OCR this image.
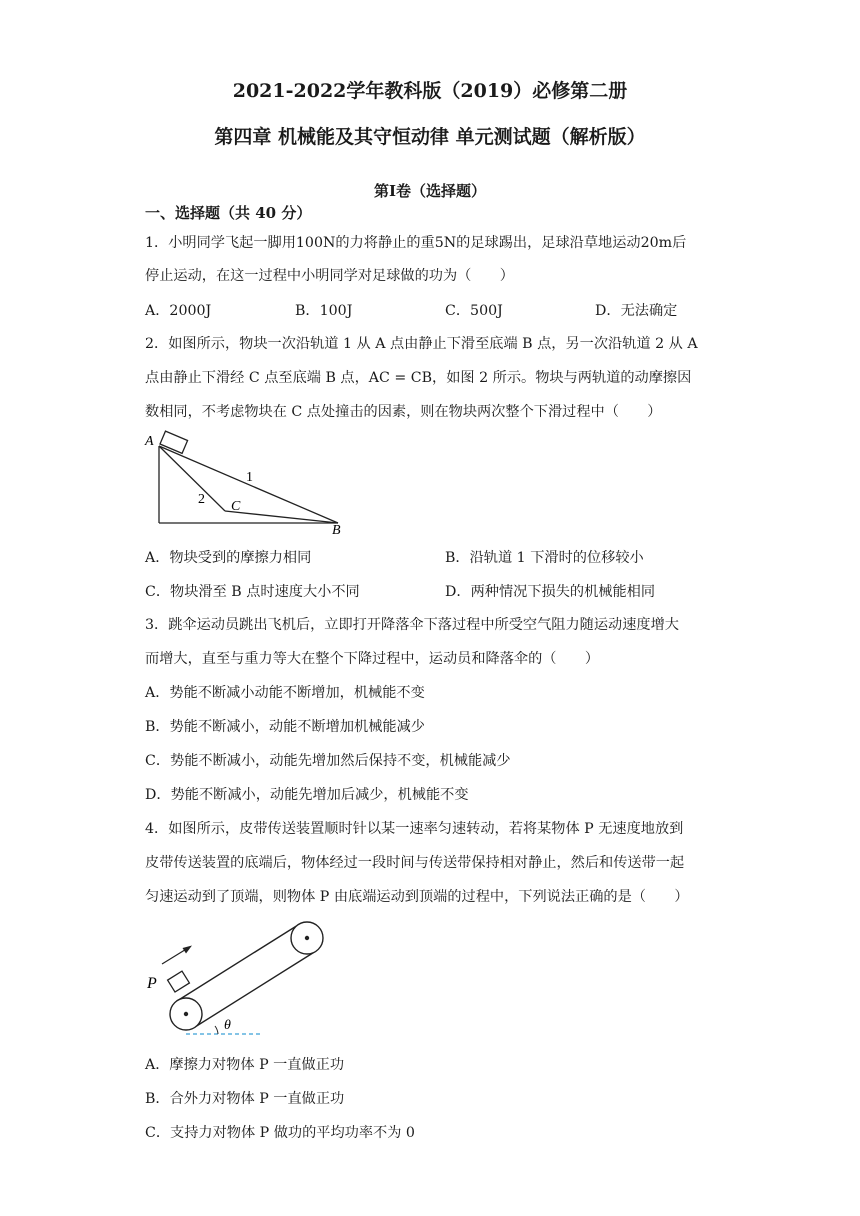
2021-2022学年教科版（2019）必修第二册
第四章 机械能及其守恒动律 单元测试题（解析版）
第Ⅰ卷（选择题）
一、选择题（共 40 分）
1．小明同学飞起一脚用100N的力将静止的重5N的足球踢出，足球沿草地运动20m后
停止运动，在这一过程中小明同学对足球做的功为（　　）
A．2000J	B．100J	C．500J	D．无法确定
2．如图所示，物块一次沿轨道 1 从 A 点由静止下滑至底端 B 点，另一次沿轨道 2 从 A
点由静止下滑经 C 点至底端 B 点，AC = CB，如图 2 所示。物块与两轨道的动摩擦因
数相同，不考虑物块在 C 点处撞击的因素，则在物块两次整个下滑过程中（　　）
A
B
C
1
2
A．物块受到的摩擦力相同	B．沿轨道 1 下滑时的位移较小
C．物块滑至 B 点时速度大小不同	D．两种情况下损失的机械能相同
3．跳伞运动员跳出飞机后，立即打开降落伞下落过程中所受空气阻力随运动速度增大
而增大，直至与重力等大在整个下降过程中，运动员和降落伞的（　　）
A．势能不断减小动能不断增加，机械能不变
B．势能不断减小，动能不断增加机械能减少
C．势能不断减小，动能先增加然后保持不变，机械能减少
D．势能不断减小，动能先增加后减少，机械能不变
4．如图所示，皮带传送装置顺时针以某一速率匀速转动，若将某物体 P 无速度地放到
皮带传送装置的底端后，物体经过一段时间与传送带保持相对静止，然后和传送带一起
匀速运动到了顶端，则物体 P 由底端运动到顶端的过程中，下列说法正确的是（　　）
P
θ
A．摩擦力对物体 P 一直做正功
B．合外力对物体 P 一直做正功
C．支持力对物体 P 做功的平均功率不为 0
